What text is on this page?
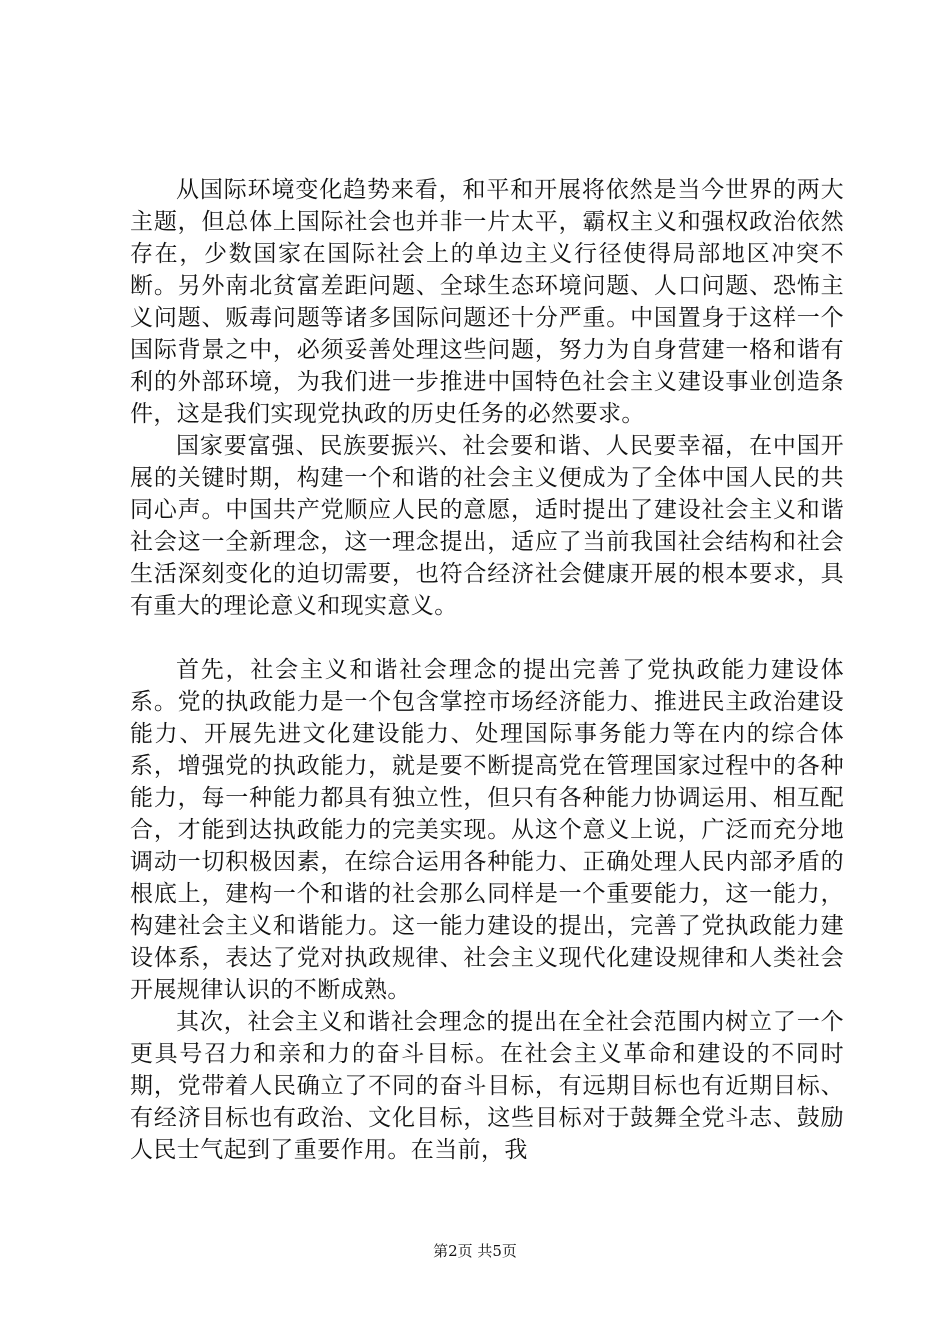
从国际环境变化趋势来看，和平和开展将依然是当今世界的两大主题，但总体上国际社会也并非一片太平，霸权主义和强权政治依然存在，少数国家在国际社会上的单边主义行径使得局部地区冲突不断。另外南北贫富差距问题、全球生态环境问题、人口问题、恐怖主义问题、贩毒问题等诸多国际问题还十分严重。中国置身于这样一个国际背景之中，必须妥善处理这些问题，努力为自身营建一格和谐有利的外部环境，为我们进一步推进中国特色社会主义建设事业创造条件，这是我们实现党执政的历史任务的必然要求。

国家要富强、民族要振兴、社会要和谐、人民要幸福，在中国开展的关键时期，构建一个和谐的社会主义便成为了全体中国人民的共同心声。中国共产党顺应人民的意愿，适时提出了建设社会主义和谐社会这一全新理念，这一理念提出，适应了当前我国社会结构和社会生活深刻变化的迫切需要，也符合经济社会健康开展的根本要求，具有重大的理论意义和现实意义。

首先，社会主义和谐社会理念的提出完善了党执政能力建设体系。党的执政能力是一个包含掌控市场经济能力、推进民主政治建设能力、开展先进文化建设能力、处理国际事务能力等在内的综合体系，增强党的执政能力，就是要不断提高党在管理国家过程中的各种能力，每一种能力都具有独立性，但只有各种能力协调运用、相互配合，才能到达执政能力的完美实现。从这个意义上说，广泛而充分地调动一切积极因素，在综合运用各种能力、正确处理人民内部矛盾的根底上，建构一个和谐的社会那么同样是一个重要能力，这一能力，构建社会主义和谐能力。这一能力建设的提出，完善了党执政能力建设体系，表达了党对执政规律、社会主义现代化建设规律和人类社会开展规律认识的不断成熟。

其次，社会主义和谐社会理念的提出在全社会范围内树立了一个更具号召力和亲和力的奋斗目标。在社会主义革命和建设的不同时期，党带着人民确立了不同的奋斗目标，有远期目标也有近期目标、有经济目标也有政治、文化目标，这些目标对于鼓舞全党斗志、鼓励人民士气起到了重要作用。在当前，我

第2页 共5页
